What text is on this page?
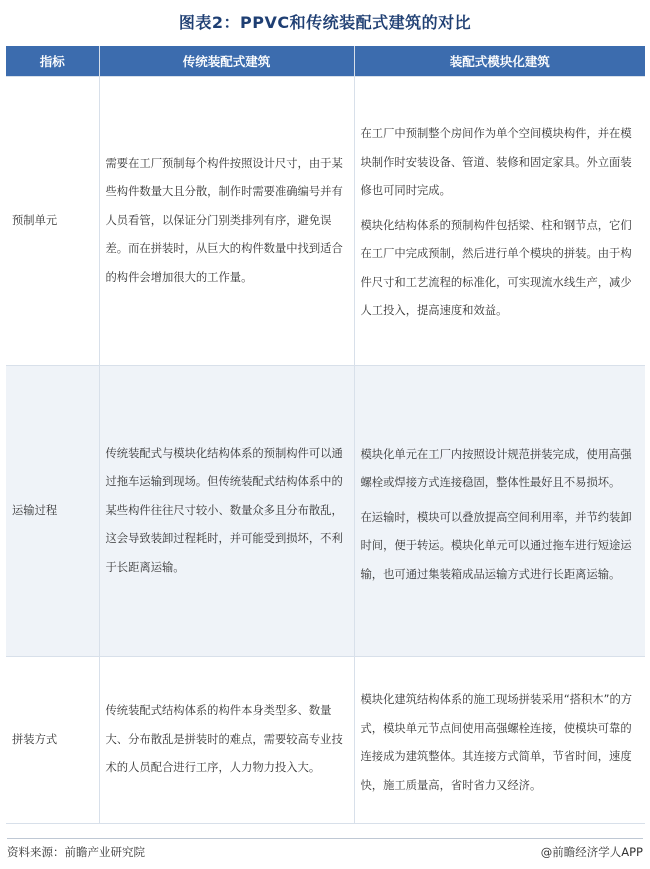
图表2：PPVC和传统装配式建筑的对比
指标	传统装配式建筑	装配式模块化建筑
预制单元	需要在工厂预制每个构件按照设计尺寸，由于某些构件数量大且分散，制作时需要准确编号并有人员看管，以保证分门别类排列有序，避免误差。而在拼装时，从巨大的构件数量中找到适合的构件会增加很大的工作量。	在工厂中预制整个房间作为单个空间模块构件，并在模块制作时安装设备、管道、装修和固定家具。外立面装修也可同时完成。

模块化结构体系的预制构件包括梁、柱和钢节点，它们在工厂中完成预制，然后进行单个模块的拼装。由于构件尺寸和工艺流程的标准化，可实现流水线生产，减少人工投入，提高速度和效益。

运输过程	传统装配式与模块化结构体系的预制构件可以通过拖车运输到现场。但传统装配式结构体系中的某些构件往往尺寸较小、数量众多且分布散乱，这会导致装卸过程耗时，并可能受到损坏，不利于长距离运输。	模块化单元在工厂内按照设计规范拼装完成，使用高强螺栓或焊接方式连接稳固，整体性最好且不易损坏。

在运输时，模块可以叠放提高空间利用率，并节约装卸时间，便于转运。模块化单元可以通过拖车进行短途运输，也可通过集装箱成品运输方式进行长距离运输。

拼装方式	传统装配式结构体系的构件本身类型多、数量大、分布散乱是拼装时的难点，需要较高专业技术的人员配合进行工序，人力物力投入大。	模块化建筑结构体系的施工现场拼装采用“搭积木”的方式，模块单元节点间使用高强螺栓连接，使模块可靠的连接成为建筑整体。其连接方式简单，节省时间，速度快，施工质量高，省时省力又经济。

资料来源：前瞻产业研究院	@前瞻经济学人APP
